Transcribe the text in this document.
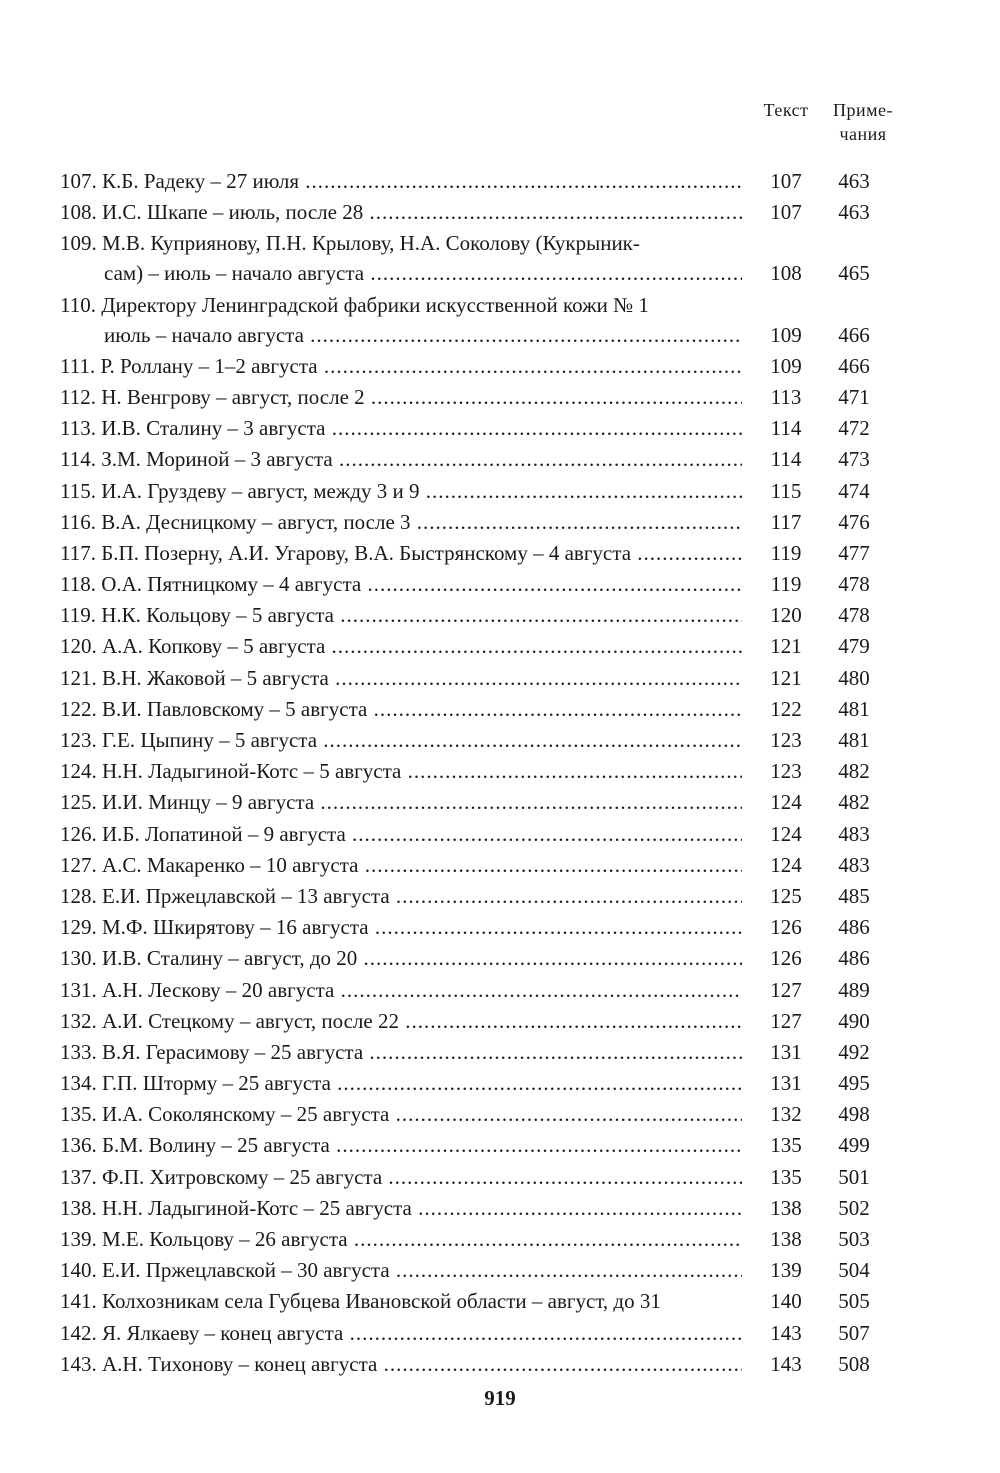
Текст	Приме-
чания
107. К.Б. Радеку – 27 июля .....	107	463
108. И.С. Шкапе – июль, после 28 .....	107	463
109. М.В. Куприянову, П.Н. Крылову, Н.А. Соколову (Кукрыник-
сам) – июль – начало августа .....	108	465
110. Директору Ленинградской фабрики искусственной кожи № 1
июль – начало августа .....	109	466
111. Р. Роллану – 1–2 августа .....	109	466
112. Н. Венгрову – август, после 2 .....	113	471
113. И.В. Сталину – 3 августа .....	114	472
114. З.М. Мориной – 3 августа .....	114	473
115. И.А. Груздеву – август, между 3 и 9 .....	115	474
116. В.А. Десницкому – август, после 3 .....	117	476
117. Б.П. Позерну, А.И. Угарову, В.А. Быстрянскому – 4 августа .....	119	477
118. О.А. Пятницкому – 4 августа .....	119	478
119. Н.К. Кольцову – 5 августа .....	120	478
120. А.А. Копкову – 5 августа .....	121	479
121. В.Н. Жаковой – 5 августа .....	121	480
122. В.И. Павловскому – 5 августа .....	122	481
123. Г.Е. Цыпину – 5 августа .....	123	481
124. Н.Н. Ладыгиной-Котс – 5 августа .....	123	482
125. И.И. Минцу – 9 августа .....	124	482
126. И.Б. Лопатиной – 9 августа .....	124	483
127. А.С. Макаренко – 10 августа .....	124	483
128. Е.И. Пржецлавской – 13 августа .....	125	485
129. М.Ф. Шкирятову – 16 августа .....	126	486
130. И.В. Сталину – август, до 20 .....	126	486
131. А.Н. Лескову – 20 августа .....	127	489
132. А.И. Стецкому – август, после 22 .....	127	490
133. В.Я. Герасимову – 25 августа .....	131	492
134. Г.П. Штормy – 25 августа .....	131	495
135. И.А. Соколянскому – 25 августа .....	132	498
136. Б.М. Волину – 25 августа .....	135	499
137. Ф.П. Хитровскому – 25 августа .....	135	501
138. Н.Н. Ладыгиной-Котс – 25 августа .....	138	502
139. М.Е. Кольцову – 26 августа .....	138	503
140. Е.И. Пржецлавской – 30 августа .....	139	504
141. Колхозникам села Губцева Ивановской области – август, до 31	140	505
142. Я. Ялкаеву – конец августа .....	143	507
143. А.Н. Тихонову – конец августа .....	143	508
919
